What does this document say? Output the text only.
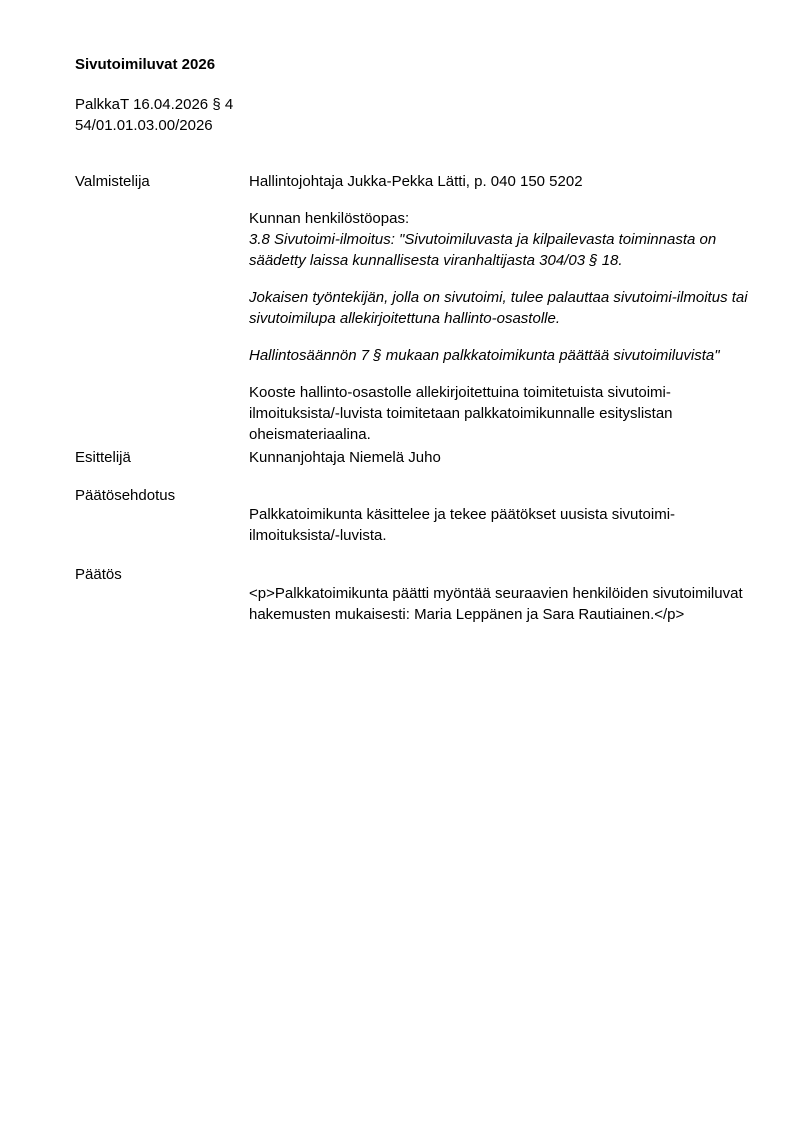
Sivutoimiluvat 2026
PalkkaT 16.04.2026 § 4
54/01.01.03.00/2026
Valmistelija	Hallintojohtaja Jukka-Pekka Lätti, p. 040 150 5202

Kunnan henkilöstöopas:
3.8 Sivutoimi-ilmoitus: "Sivutoimiluvasta ja kilpailevasta toiminnasta on säädetty laissa kunnallisesta viranhaltijasta 304/03 § 18.

Jokaisen työntekijän, jolla on sivutoimi, tulee palauttaa sivutoimi-ilmoitus tai sivutoimilupa allekirjoitettuna hallinto-osastolle.

Hallintosäännön 7 § mukaan palkkatoimikunta päättää sivutoimiluvista"

Kooste hallinto-osastolle allekirjoitettuina toimitetuista sivutoimi-ilmoituksista/-luvista toimitetaan palkkatoimikunnalle esityslistan oheismateriaalina.

Esittelijä	Kunnanjohtaja Niemelä Juho
Päätösehdotus
Palkkatoimikunta käsittelee ja tekee päätökset uusista sivutoimi-ilmoituksista/-luvista.
Päätös
<p>Palkkatoimikunta päätti myöntää seuraavien henkilöiden sivutoimiluvat hakemusten mukaisesti: Maria Leppänen ja Sara Rautiainen.</p>
